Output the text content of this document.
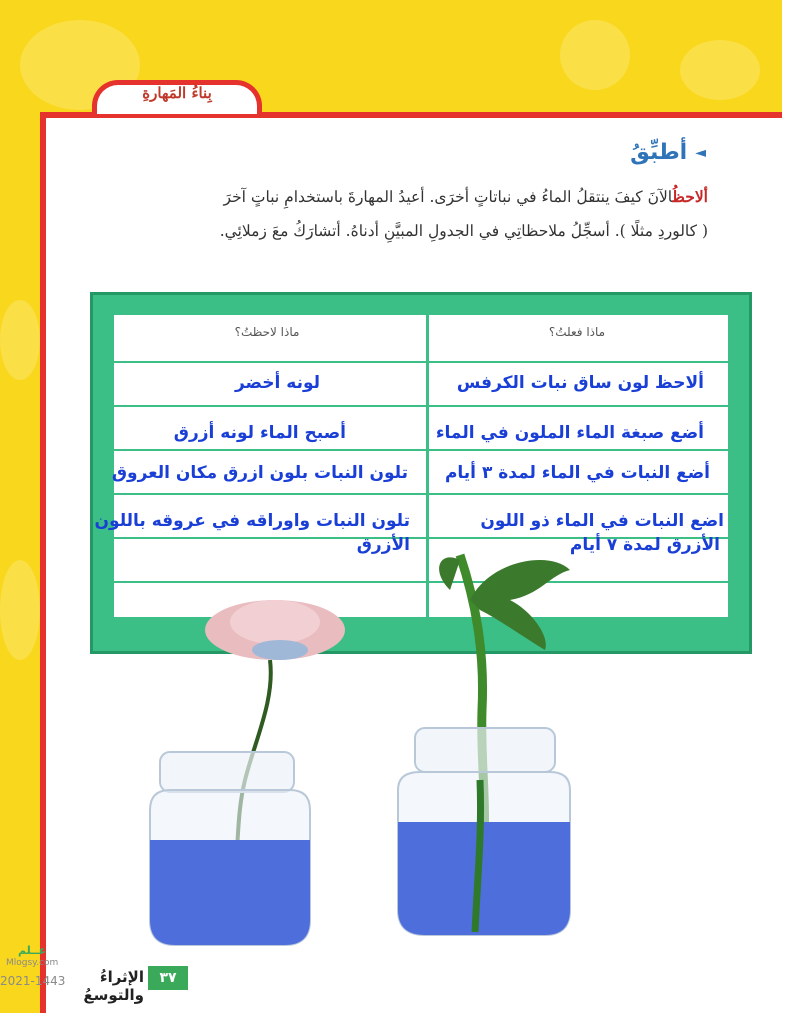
بِناءُ المَهارةِ
◄
أطبِّقُ
ألاحظُالآنَ كيفَ ينتقلُ الماءُ في نباتاتٍ أخرَى. أعيدُ المهارةَ باستخدامِ نباتٍ آخرَ
( كالوردِ مثلًا ). أسجِّلُ ملاحظاتِي في الجدولِ المبيَّنِ أدناهُ. أتشارَكُ معَ زملائِي.
ماذا فعلتُ؟
ماذا لاحظتُ؟
ألاحظ لون ساق نبات الكرفس
أضع صبغة الماء الملون في الماء
أضع النبات في الماء لمدة ٣ أيام
اضع النبات في الماء ذو اللون
الأزرق لمدة ٧ أيام
لونه أخضر
أصبح الماء لونه أزرق
تلون النبات بلون ازرق مكان العروق
تلون النبات واوراقه في عروقه باللون
الأزرق
٣٧
الإثراءُ والتوسعُ
عــلم
Mlogsy.com
2021-1443
